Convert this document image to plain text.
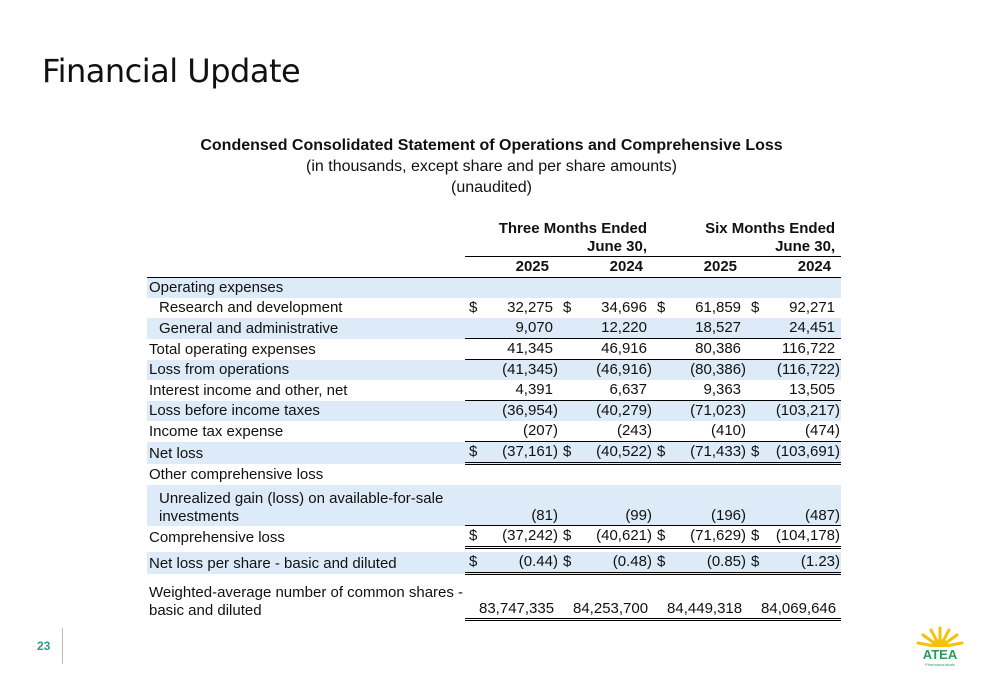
Financial Update
Condensed Consolidated Statement of Operations and Comprehensive Loss
(in thousands, except share and per share amounts)
(unaudited)
	Three Months Ended						Six Months Ended					
	June 30,						June 30,					
	2025			2024			2025			2024		
Operating expenses												
Research and development	$	32,275		$	34,696		$	61,859		$	92,271	
General and administrative		9,070			12,220			18,527			24,451	
Total operating expenses		41,345			46,916			80,386			116,722	
Loss from operations		(41,345	)		(46,916	)		(80,386	)		(116,722	)
Interest income and other, net		4,391			6,637			9,363			13,505	
Loss before income taxes		(36,954	)		(40,279	)		(71,023	)		(103,217	)
Income tax expense		(207	)		(243	)		(410	)		(474	)
Net loss	$	(37,161	)	$	(40,522	)	$	(71,433	)	$	(103,691	)
Other comprehensive loss												
Unrealized gain (loss) on available-for-sale investments		(81	)		(99	)		(196	)		(487	)
Comprehensive loss	$	(37,242	)	$	(40,621	)	$	(71,629	)	$	(104,178	)

Net loss per share - basic and diluted	$	(0.44	)	$	(0.48	)	$	(0.85	)	$	(1.23	)

Weighted-average number of common shares - basic and diluted		83,747,335			84,253,700			84,449,318			84,069,646	
23
ATEA
Pharmaceuticals
